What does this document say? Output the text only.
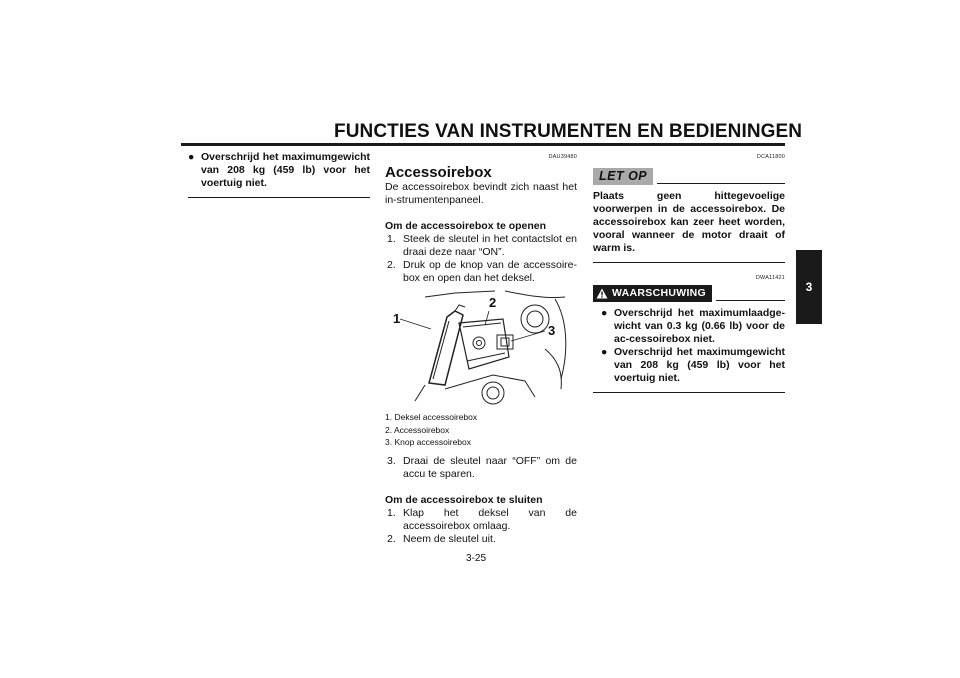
FUNCTIES VAN INSTRUMENTEN EN BEDIENINGEN
3
● Overschrijd het maximumgewicht van 208 kg (459 lb) voor het voertuig niet.
DAU39480
Accessoirebox
De accessoirebox bevindt zich naast het in-strumentenpaneel.
Om de accessoirebox te openen
1. Steek de sleutel in het contactslot en draai deze naar “ON”.
2. Druk op de knop van de accessoire-box en open dan het deksel.
1
2
3
1. Deksel accessoirebox
2. Accessoirebox
3. Knop accessoirebox
3. Draai de sleutel naar “OFF” om de accu te sparen.
Om de accessoirebox te sluiten
1. Klap het deksel van de accessoirebox omlaag.
2. Neem de sleutel uit.
DCA11800
LET OP
Plaats geen hittegevoelige voorwerpen in de accessoirebox. De accessoirebox kan zeer heet worden, vooral wanneer de motor draait of warm is.
DWA11421
WAARSCHUWING
● Overschrijd het maximumlaadge-wicht van 0.3 kg (0.66 lb) voor de ac-cessoirebox niet.
● Overschrijd het maximumgewicht van 208 kg (459 lb) voor het voertuig niet.
3-25
